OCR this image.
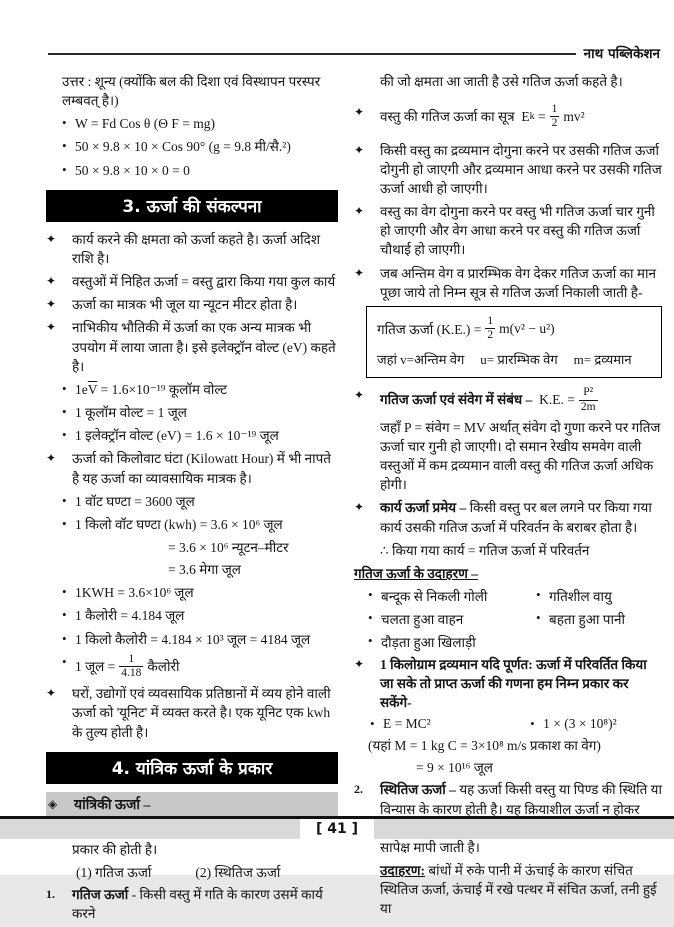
नाथ पब्लिकेशन
उत्तर : शून्य (क्योंकि बल की दिशा एवं विस्थापन परस्पर लम्बवत् है।)
• W = Fd Cos θ (Θ F = mg)
• 50 × 9.8 × 10 × Cos 90° (g = 9.8 मी/सै.²)
• 50 × 9.8 × 10 × 0 = 0
3. ऊर्जा की संकल्पना
✦	कार्य करने की क्षमता को ऊर्जा कहते है। ऊर्जा अदिश राशि है।
✦	वस्तुओं में निहित ऊर्जा = वस्तु द्वारा किया गया कुल कार्य
✦	ऊर्जा का मात्रक भी जूल या न्यूटन मीटर होता है।
✦	नाभिकीय भौतिकी में ऊर्जा का एक अन्य मात्रक भी उपयोग में लाया जाता है। इसे इलेक्ट्रॉन वोल्ट (eV) कहते है।
• $1e\overline{V} = 1.6\times 10^{-19}$ कूलॉम वोल्ट
• 1 कूलॉम वोल्ट = 1 जूल
• 1 इलेक्ट्रॉन वोल्ट (eV) = 1.6 × 10⁻¹⁹ जूल
✦	ऊर्जा को किलोवाट घंटा (Kilowatt Hour) में भी नापते है यह ऊर्जा का व्यावसायिक मात्रक है।
• 1 वॉट घण्टा = 3600 जूल
• 1 किलो वॉट घण्टा (kwh) = 3.6 × 10⁶ जूल
= 3.6 × 10⁶ न्यूटन–मीटर
= 3.6 मेगा जूल
• 1KWH = 3.6×10⁶ जूल
• 1 कैलोरी = 4.184 जूल
• 1 किलो कैलोरी = 4.184 × 10³ जूल = 4184 जूल
• 1 जूल = $\frac{1}{4.18}$ कैलोरी
✦	घरों, उद्योगों एवं व्यवसायिक प्रतिष्ठानों में व्यय होने वाली ऊर्जा को 'यूनिट' में व्यक्त करते है। एक यूनिट एक kwh के तुल्य होती है।
4. यांत्रिक ऊर्जा के प्रकार
◈	यांत्रिकी ऊर्जा –
प्रकार की होती है।
(1) गतिज ऊर्जा	(2) स्थितिज ऊर्जा
1.	गतिज ऊर्जा - किसी वस्तु में गति के कारण उसमें कार्य करने
की जो क्षमता आ जाती है उसे गतिज ऊर्जा कहते है।
✦	वस्तु की गतिज ऊर्जा का सूत्र E k
= $\frac{1}{2} mv^2$
✦	किसी वस्तु का द्रव्यमान दोगुना करने पर उसकी गतिज ऊर्जा दोगुनी हो जाएगी और द्रव्यमान आधा करने पर उसकी गतिज ऊर्जा आधी हो जाएगी।
✦	वस्तु का वेग दोगुना करने पर वस्तु भी गतिज ऊर्जा चार गुनी हो जाएगी और वेग आधा करने पर वस्तु की गतिज ऊर्जा चौथाई हो जाएगी।
✦	जब अन्तिम वेग व प्रारम्भिक वेग देकर गतिज ऊर्जा का मान पूछा जाये तो निम्न सूत्र से गतिज ऊर्जा निकाली जाती है-
गतिज ऊर्जा $(K.E.) = \frac{1}{2} m(v^2 - u^2)$
जहां v=अन्तिम वेग u= प्रारम्भिक वेग m= द्रव्यमान
✦	गतिज ऊर्जा एवं संवेग में संबंध – K.E. = $\frac{\text{P²}}{2m}$
जहाँ P = संवेग = MV अर्थात् संवेग दो गुणा करने पर गतिज ऊर्जा चार गुनी हो जाएगी। दो समान रेखीय समवेग वाली वस्तुओं में कम द्रव्यमान वाली वस्तु की गतिज ऊर्जा अधिक होगी।
✦	कार्य ऊर्जा प्रमेय – किसी वस्तु पर बल लगने पर किया गया कार्य उसकी गतिज ऊर्जा में परिवर्तन के बराबर होता है।
∴ किया गया कार्य = गतिज ऊर्जा में परिवर्तन
गतिज ऊर्जा के उदाहरण –
• बन्दूक से निकली गोली	• गतिशील वायु
• चलता हुआ वाहन	• बहता हुआ पानी
• दौड़ता हुआ खिलाड़ी
✦	1 किलोग्राम द्रव्यमान यदि पूर्णत: ऊर्जा में परिवर्तित किया जा सके तो प्राप्त ऊर्जा की गणना हम निम्न प्रकार कर सकेंगे-
• E = MC²	• 1 × (3 × 10⁸)²
(यहां M = 1 kg C = 3×10⁸ m/s प्रकाश का वेग)
= 9 × 10¹⁶ जूल
2.	स्थितिज ऊर्जा – यह ऊर्जा किसी वस्तु या पिण्ड की स्थिति या विन्यास के कारण होती है। यह क्रियाशील ऊर्जा न होकर सापेक्ष मापी जाती है।
उदाहरण: बांधों में रुके पानी में ऊंचाई के कारण संचित स्थितिज ऊर्जा, ऊंचाई में रखे पत्थर में संचित ऊर्जा, तनी हुई या
[ 41 ]
